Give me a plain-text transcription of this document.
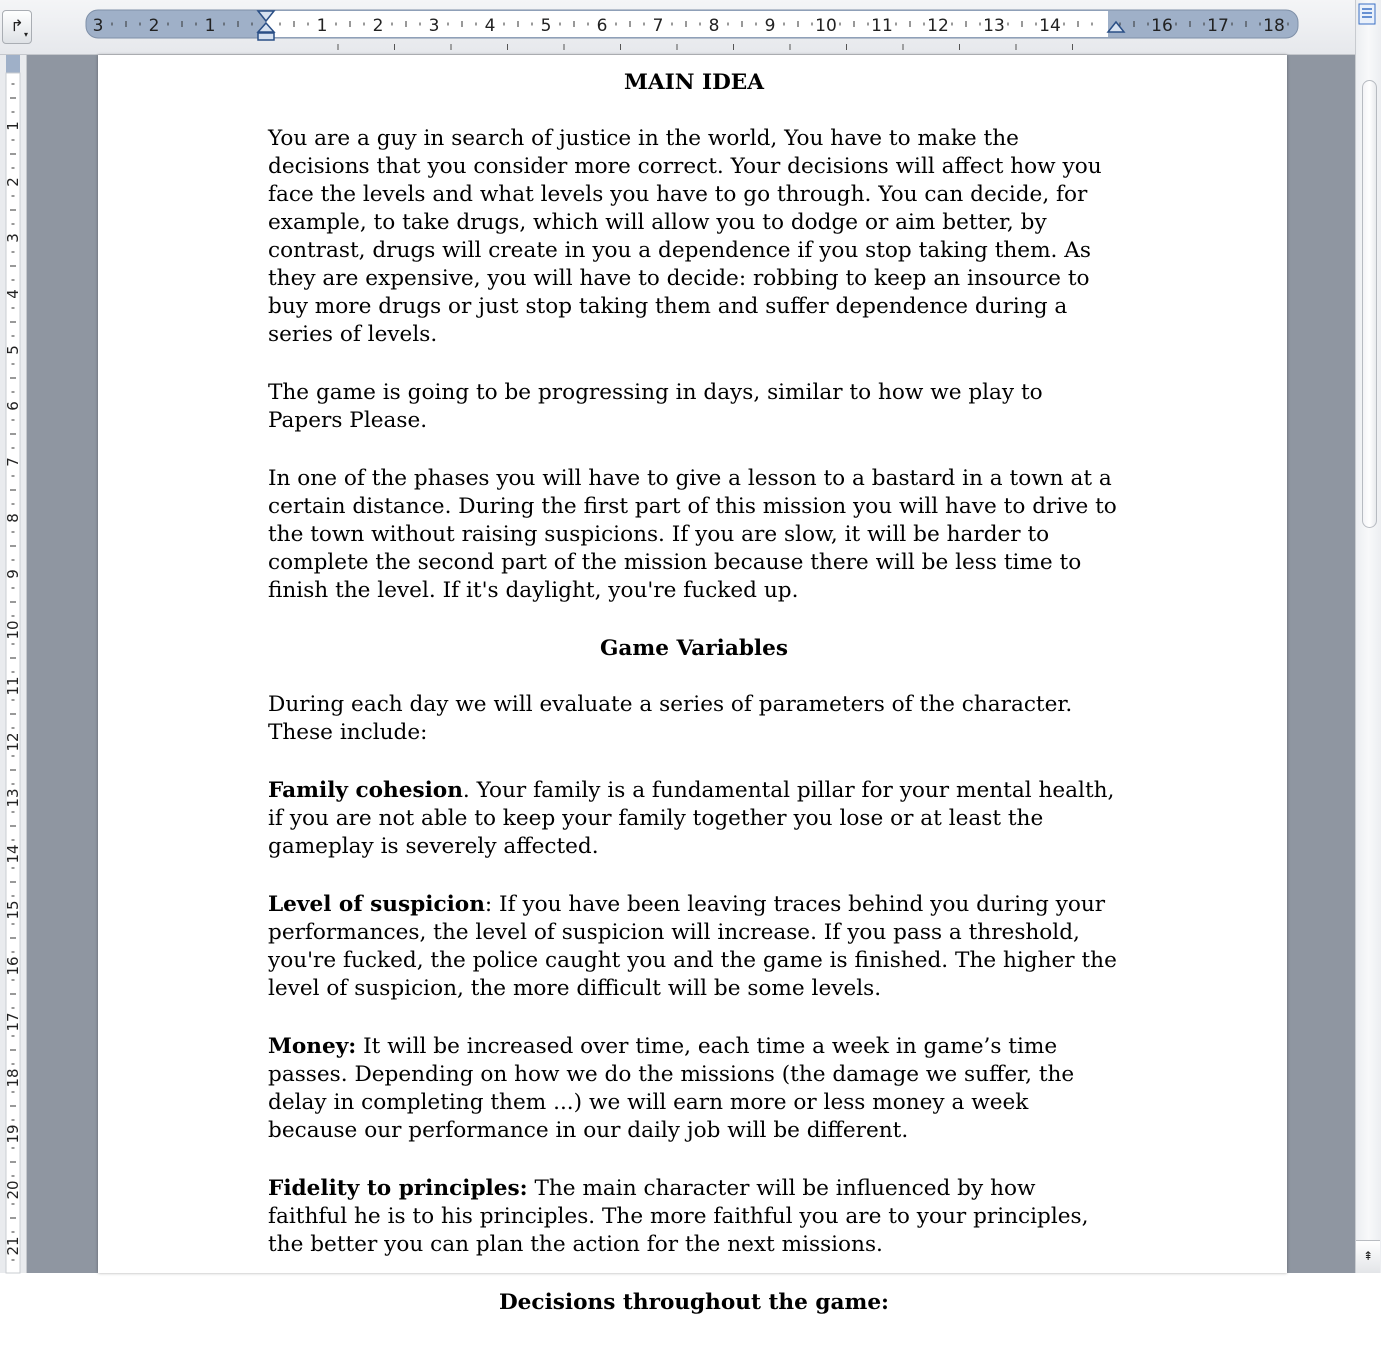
↱ ▾	3	2	1	1	2	3	4	5	6	7	8	9 10 11 12 13 14	16 17 18
1
2
3
4
5
6
7
8
9
10
11
12
13
14
15
16
17
18
19
20
21
MAIN IDEA

You are a guy in search of justice in the world, You have to make the decisions that you consider more correct. Your decisions will affect how you face the levels and what levels you have to go through. You can decide, for example, to take drugs, which will allow you to dodge or aim better, by contrast, drugs will create in you a dependence if you stop taking them. As they are expensive, you will have to decide: robbing to keep an insource to buy more drugs or just stop taking them and suffer dependence during a series of levels.

The game is going to be progressing in days, similar to how we play to Papers Please.

In one of the phases you will have to give a lesson to a bastard in a town at a certain distance. During the first part of this mission you will have to drive to the town without raising suspicions. If you are slow, it will be harder to complete the second part of the mission because there will be less time to finish the level. If it's daylight, you're fucked up.

Game Variables

During each day we will evaluate a series of parameters of the character. These include:

Family cohesion. Your family is a fundamental pillar for your mental health, if you are not able to keep your family together you lose or at least the gameplay is severely affected.

Level of suspicion: If you have been leaving traces behind you during your performances, the level of suspicion will increase. If you pass a threshold, you're fucked, the police caught you and the game is finished. The higher the level of suspicion, the more difficult will be some levels.

Money: It will be increased over time, each time a week in game’s time passes. Depending on how we do the missions (the damage we suffer, the delay in completing them ...) we will earn more or less money a week because our performance in our daily job will be different.

Fidelity to principles: The main character will be influenced by how faithful he is to his principles. The more faithful you are to your principles, the better you can plan the action for the next missions.

Decisions throughout the game:
⇞
